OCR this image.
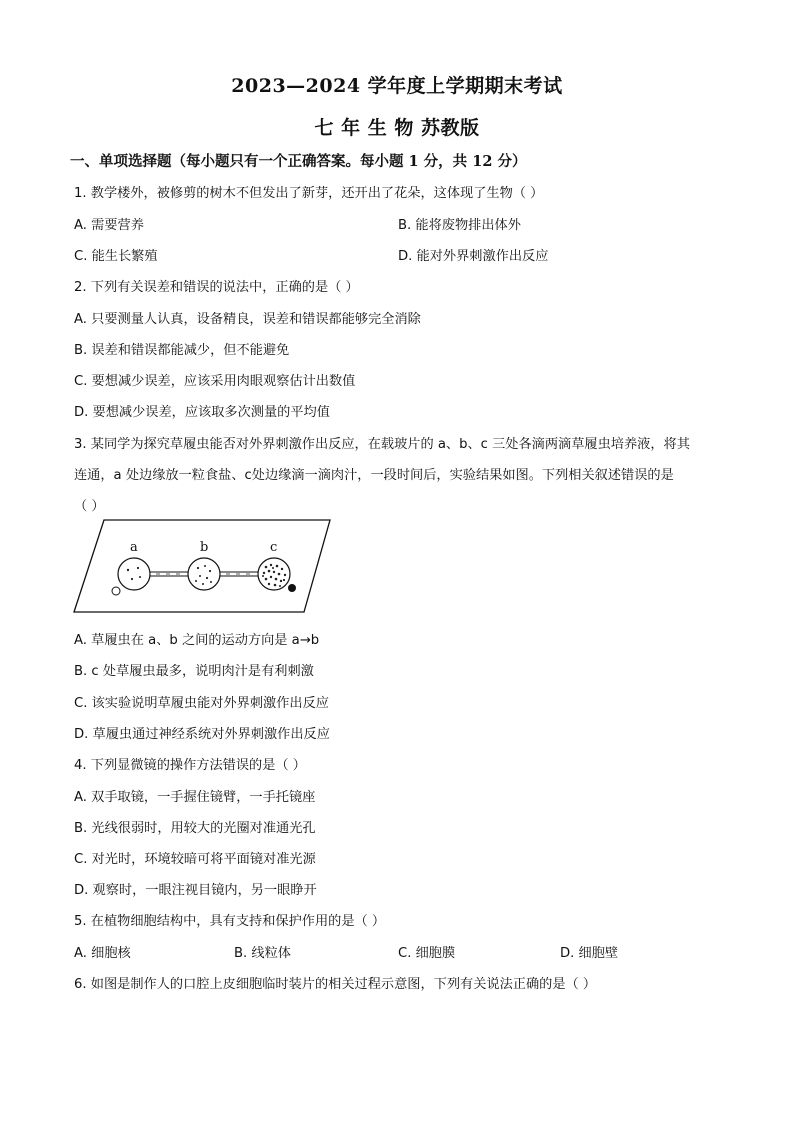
2023—2024 学年度上学期期末考试
七 年 生 物 苏教版
一、单项选择题（每小题只有一个正确答案。每小题 1 分，共 12 分）
1. 教学楼外，被修剪的树木不但发出了新芽，还开出了花朵，这体现了生物（ ）
A. 需要营养	B. 能将废物排出体外
C. 能生长繁殖	D. 能对外界刺激作出反应
2. 下列有关误差和错误的说法中，正确的是（ ）
A. 只要测量人认真，设备精良，误差和错误都能够完全消除
B. 误差和错误都能减少，但不能避免
C. 要想减少误差，应该采用肉眼观察估计出数值
D. 要想减少误差，应该取多次测量的平均值
3. 某同学为探究草履虫能否对外界刺激作出反应，在载玻片的 a、b、c 三处各滴两滴草履虫培养液，将其
连通，a 处边缘放一粒食盐、c处边缘滴一滴肉汁，一段时间后，实验结果如图。下列相关叙述错误的是
（ ）
a	b	c
A. 草履虫在 a、b 之间的运动方向是 a→b
B. c 处草履虫最多，说明肉汁是有利刺激
C. 该实验说明草履虫能对外界刺激作出反应
D. 草履虫通过神经系统对外界刺激作出反应
4. 下列显微镜的操作方法错误的是（ ）
A. 双手取镜，一手握住镜臂，一手托镜座
B. 光线很弱时，用较大的光圈对准通光孔
C. 对光时，环境较暗可将平面镜对准光源
D. 观察时，一眼注视目镜内，另一眼睁开
5. 在植物细胞结构中，具有支持和保护作用的是（ ）
A. 细胞核	B. 线粒体	C. 细胞膜	D. 细胞壁
6. 如图是制作人的口腔上皮细胞临时装片的相关过程示意图，下列有关说法正确的是（ ）
